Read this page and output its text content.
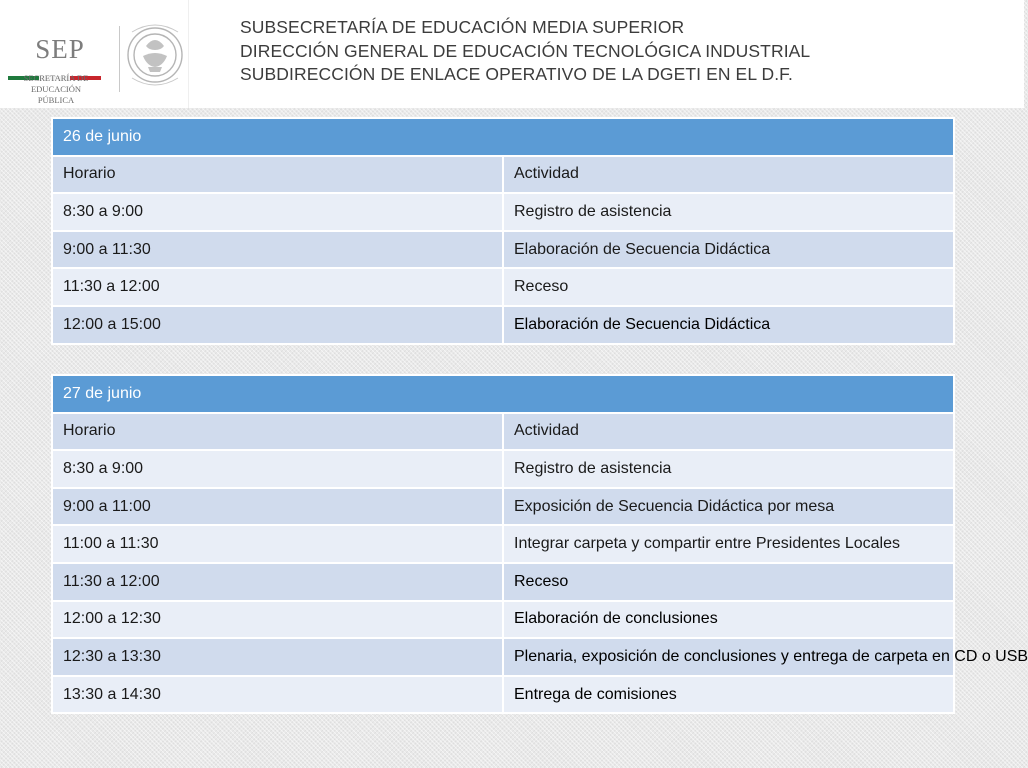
SEP
SECRETARÍA DE
EDUCACIÓN PÚBLICA
SUBSECRETARÍA DE EDUCACIÓN MEDIA SUPERIOR
DIRECCIÓN GENERAL DE EDUCACIÓN TECNOLÓGICA INDUSTRIAL
SUBDIRECCIÓN DE ENLACE OPERATIVO DE LA DGETI EN EL D.F.
26 de junio	
Horario	Actividad
8:30 a 9:00	Registro de asistencia
9:00 a 11:30	Elaboración de Secuencia Didáctica
11:30 a 12:00	Receso
12:00 a 15:00	Elaboración de Secuencia Didáctica
27 de junio	
Horario	Actividad
8:30 a 9:00	Registro de asistencia
9:00 a 11:00	Exposición de Secuencia Didáctica por mesa
11:00 a 11:30	Integrar carpeta y compartir entre Presidentes Locales
11:30 a 12:00	Receso
12:00 a 12:30	Elaboración de conclusiones
12:30 a 13:30	Plenaria, exposición de conclusiones y entrega de carpeta en CD o USB
13:30 a 14:30	Entrega de comisiones
